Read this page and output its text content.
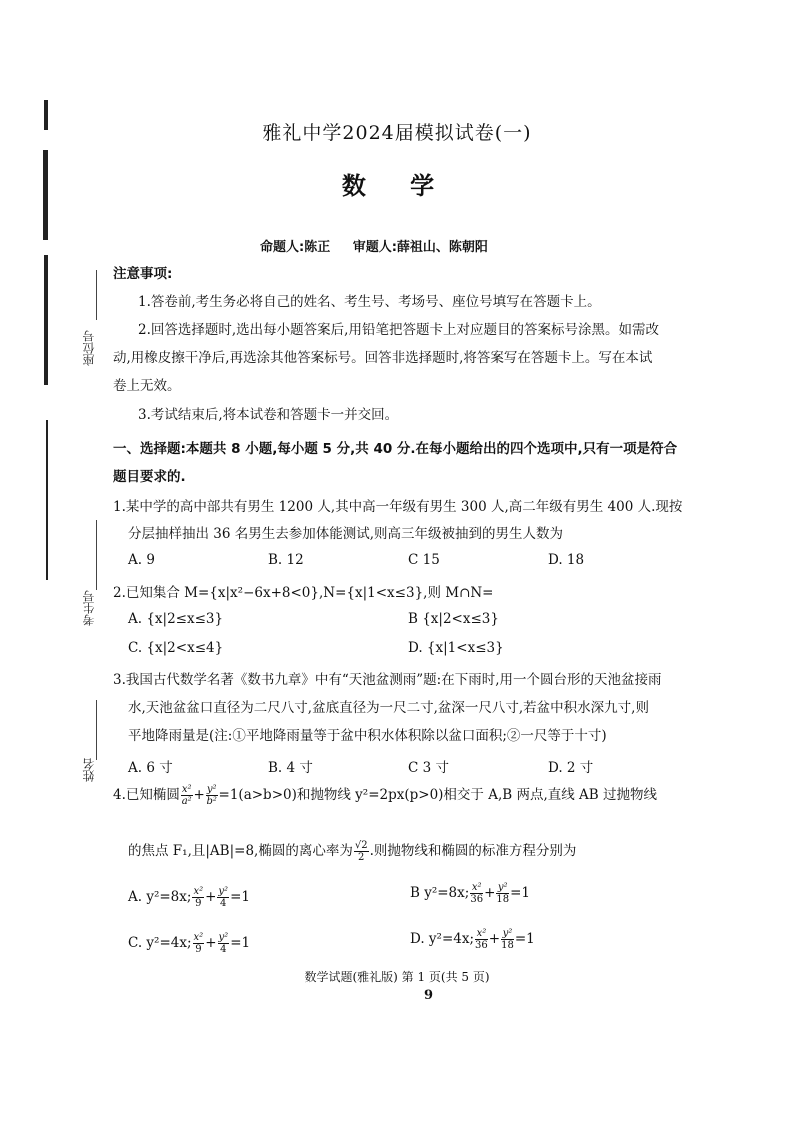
座位号
考生号
姓名
雅礼中学2024届模拟试卷(一)
数 学
命题人:陈正 审题人:薛祖山、陈朝阳
注意事项:
1.答卷前,考生务必将自己的姓名、考生号、考场号、座位号填写在答题卡上。
2.回答选择题时,选出每小题答案后,用铅笔把答题卡上对应题目的答案标号涂黑。如需改
动,用橡皮擦干净后,再选涂其他答案标号。回答非选择题时,将答案写在答题卡上。写在本试
卷上无效。
3.考试结束后,将本试卷和答题卡一并交回。
一、选择题:本题共 8 小题,每小题 5 分,共 40 分.在每小题给出的四个选项中,只有一项是符合
题目要求的.
1.某中学的高中部共有男生 1200 人,其中高一年级有男生 300 人,高二年级有男生 400 人.现按
分层抽样抽出 36 名男生去参加体能测试,则高三年级被抽到的男生人数为
A. 9	B. 12	C 15	D. 18
2.已知集合 M={x|x²−6x+8<0},N={x|1<x≤3},则 M∩N=
A. {x|2≤x≤3}	B {x|2<x≤3}
C. {x|2<x≤4}	D. {x|1<x≤3}
3.我国古代数学名著《数书九章》中有“天池盆测雨”题:在下雨时,用一个圆台形的天池盆接雨
水,天池盆盆口直径为二尺八寸,盆底直径为一尺二寸,盆深一尺八寸,若盆中积水深九寸,则
平地降雨量是(注:①平地降雨量等于盆中积水体积除以盆口面积;②一尺等于十寸)
A. 6 寸	B. 4 寸	C 3 寸	D. 2 寸
4.已知椭圆 $\frac{\text{x²}}{\text{a²}} + \frac{\text{y²}}{\text{b²}} =1(a>b>0)$和抛物线 y²=2px(p>0)相交于 A,B 两点,直线 AB 过抛物线
的焦点 F₁,且|AB|=8,椭圆的离心率为 $\frac{√2}{2}$ .则抛物线和椭圆的标准方程分别为
A. y²=8x; $\frac{\text{x²}}{9} + \frac{\text{y²}}{4} =1$	B y²=8x; $\frac{\text{x²}}{36} + \frac{\text{y²}}{18} =1$
C. y²=4x; $\frac{\text{x²}}{9} + \frac{\text{y²}}{4} =1$	D. y²=4x; $\frac{\text{x²}}{36} + \frac{\text{y²}}{18} =1$
数学试题(雅礼版) 第 1 页(共 5 页)
9
